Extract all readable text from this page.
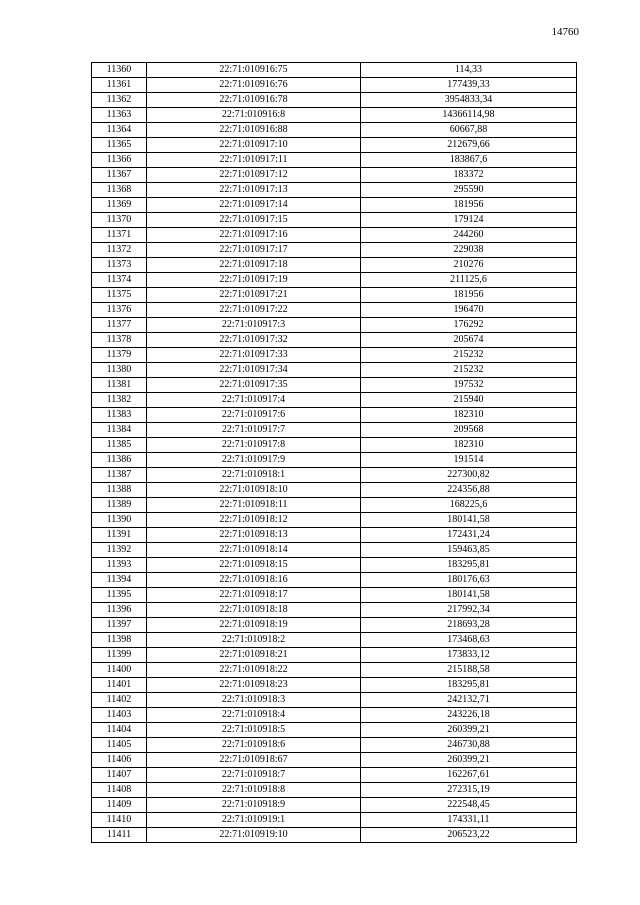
14760
11360	22:71:010916:75	114,33
11361	22:71:010916:76	177439,33
11362	22:71:010916:78	3954833,34
11363	22:71:010916:8	14366114,98
11364	22:71:010916:88	60667,88
11365	22:71:010917:10	212679,66
11366	22:71:010917:11	183867,6
11367	22:71:010917:12	183372
11368	22:71:010917:13	295590
11369	22:71:010917:14	181956
11370	22:71:010917:15	179124
11371	22:71:010917:16	244260
11372	22:71:010917:17	229038
11373	22:71:010917:18	210276
11374	22:71:010917:19	211125,6
11375	22:71:010917:21	181956
11376	22:71:010917:22	196470
11377	22:71:010917:3	176292
11378	22:71:010917:32	205674
11379	22:71:010917:33	215232
11380	22:71:010917:34	215232
11381	22:71:010917:35	197532
11382	22:71:010917:4	215940
11383	22:71:010917:6	182310
11384	22:71:010917:7	209568
11385	22:71:010917:8	182310
11386	22:71:010917:9	191514
11387	22:71:010918:1	227300,82
11388	22:71:010918:10	224356,88
11389	22:71:010918:11	168225,6
11390	22:71:010918:12	180141,58
11391	22:71:010918:13	172431,24
11392	22:71:010918:14	159463,85
11393	22:71:010918:15	183295,81
11394	22:71:010918:16	180176,63
11395	22:71:010918:17	180141,58
11396	22:71:010918:18	217992,34
11397	22:71:010918:19	218693,28
11398	22:71:010918:2	173468,63
11399	22:71:010918:21	173833,12
11400	22:71:010918:22	215188,58
11401	22:71:010918:23	183295,81
11402	22:71:010918:3	242132,71
11403	22:71:010918:4	243226,18
11404	22:71:010918:5	260399,21
11405	22:71:010918:6	246730,88
11406	22:71:010918:67	260399,21
11407	22:71:010918:7	162267,61
11408	22:71:010918:8	272315,19
11409	22:71:010918:9	222548,45
11410	22:71:010919:1	174331,11
11411	22:71:010919:10	206523,22
